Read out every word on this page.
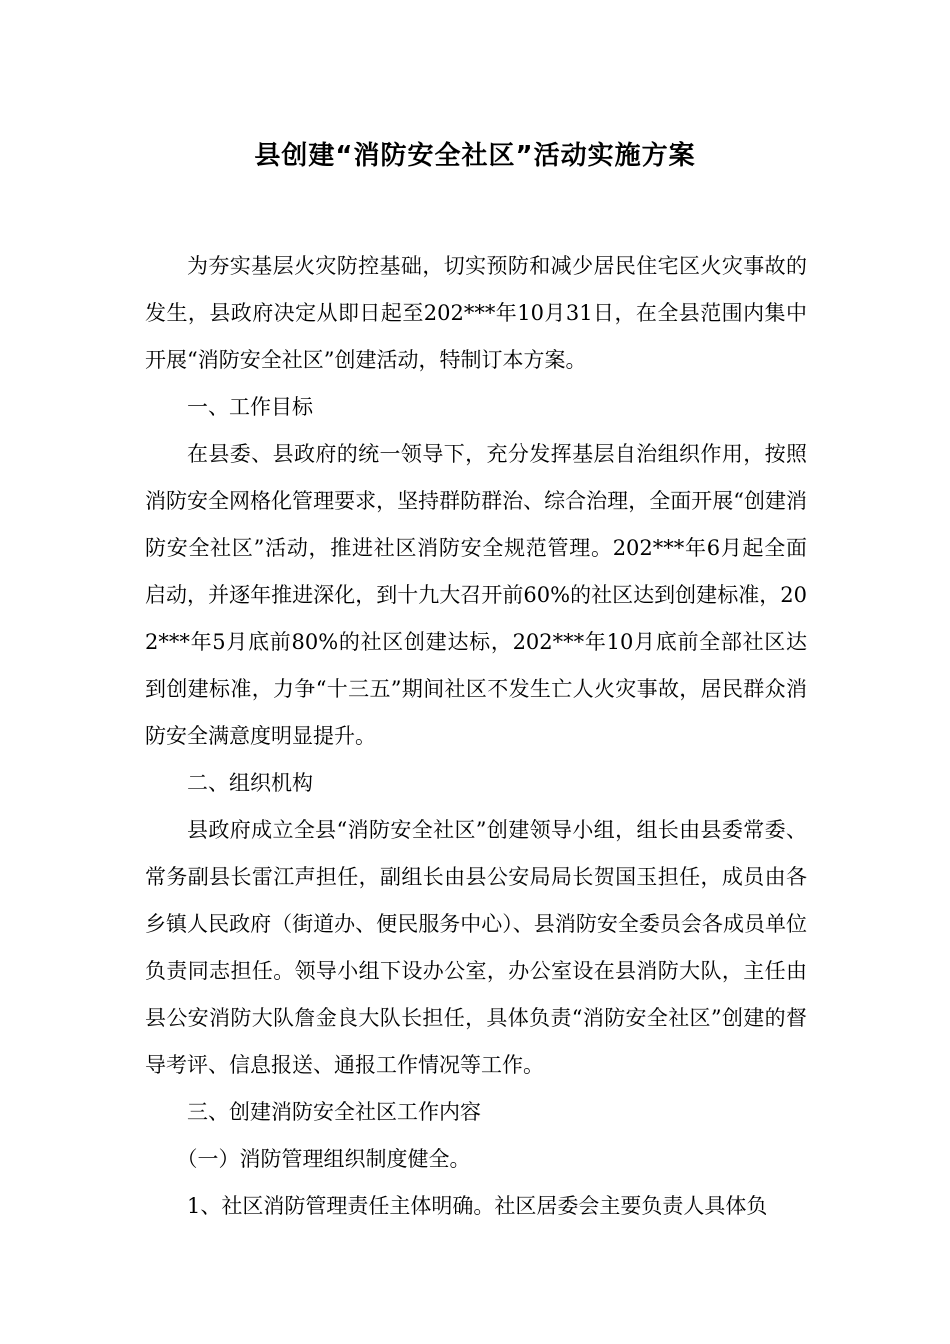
县创建“消防安全社区”活动实施方案

为夯实基层火灾防控基础，切实预防和减少居民住宅区火灾事故的发生，县政府决定从即日起至202***年10月31日，在全县范围内集中开展“消防安全社区”创建活动，特制订本方案。

一、工作目标

在县委、县政府的统一领导下，充分发挥基层自治组织作用，按照消防安全网格化管理要求，坚持群防群治、综合治理，全面开展“创建消防安全社区”活动，推进社区消防安全规范管理。202***年6月起全面启动，并逐年推进深化，到十九大召开前60%的社区达到创建标准，202***年5月底前80%的社区创建达标，202***年10月底前全部社区达到创建标准，力争“十三五”期间社区不发生亡人火灾事故，居民群众消防安全满意度明显提升。

二、组织机构

县政府成立全县“消防安全社区”创建领导小组，组长由县委常委、常务副县长雷江声担任，副组长由县公安局局长贺国玉担任，成员由各乡镇人民政府（街道办、便民服务中心）、县消防安全委员会各成员单位负责同志担任。领导小组下设办公室，办公室设在县消防大队，主任由县公安消防大队詹金良大队长担任，具体负责“消防安全社区”创建的督导考评、信息报送、通报工作情况等工作。

三、创建消防安全社区工作内容

（一）消防管理组织制度健全。

1、社区消防管理责任主体明确。社区居委会主要负责人具体负
